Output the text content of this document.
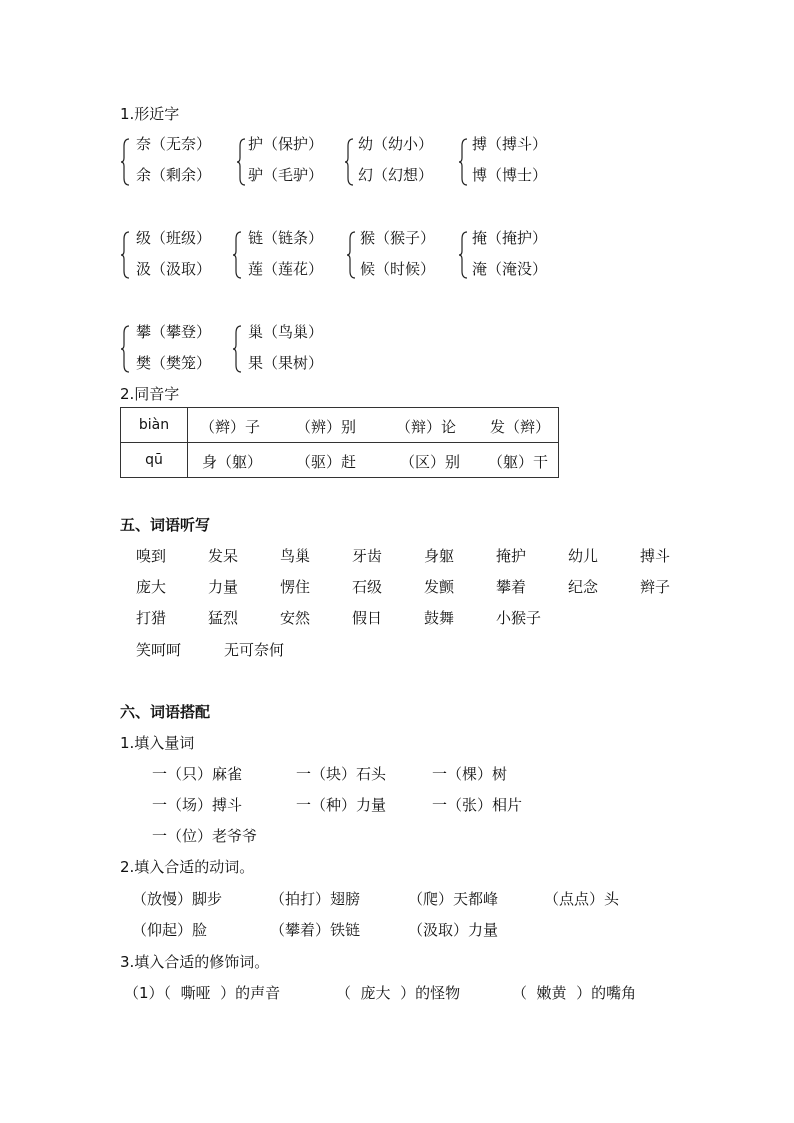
1.形近字
奈（无奈）
余（剩余）
护（保护）
驴（毛驴）
幼（幼小）
幻（幻想）
搏（搏斗）
博（博士）
级（班级）
汲（汲取）
链（链条）
莲（莲花）
猴（猴子）
候（时候）
掩（掩护）
淹（淹没）
攀（攀登）
樊（樊笼）
巢（鸟巢）
果（果树）
2.同音字
biàn	（辫）子 （辨）别 （辩）论 发（辫）

qū	身（躯） （驱）赶 （区）别 （躯）干
五、词语听写
嗅到	发呆	鸟巢	牙齿	身躯	掩护	幼儿	搏斗
庞大	力量	愣住	石级	发颤	攀着	纪念	辫子
打猎	猛烈	安然	假日	鼓舞	小猴子
笑呵呵	无可奈何
六、词语搭配
1.填入量词
一（只）麻雀	一（块）石头	一（棵）树
一（场）搏斗	一（种）力量	一（张）相片
一（位）老爷爷
2.填入合适的动词。
（放慢）脚步	（拍打）翅膀	（爬）天都峰	（点点）头
（仰起）脸	（攀着）铁链	（汲取）力量
3.填入合适的修饰词。
（1）（  嘶哑  ）的声音	（  庞大  ）的怪物	（  嫩黄  ）的嘴角
